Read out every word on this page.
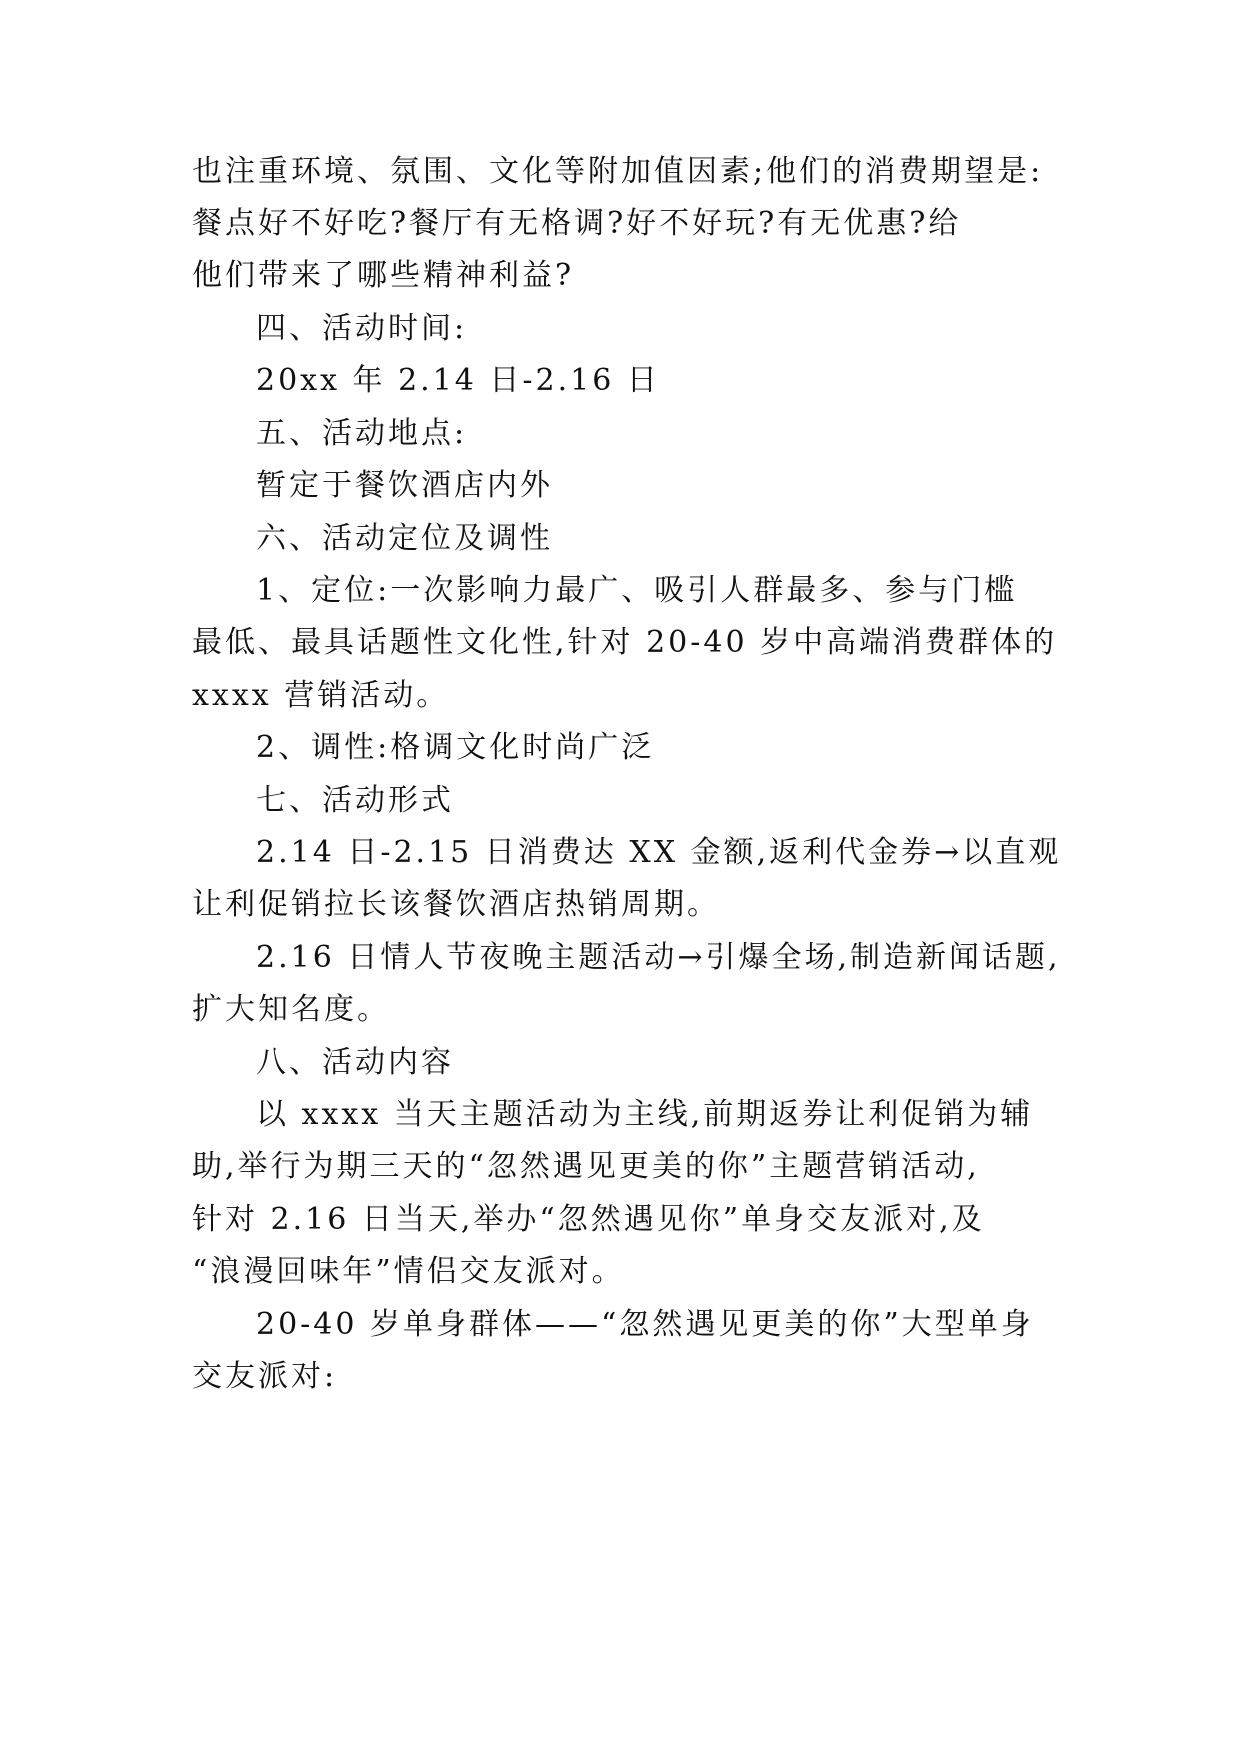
也注重环境、氛围、文化等附加值因素;他们的消费期望是:
餐点好不好吃?餐厅有无格调?好不好玩?有无优惠?给
他们带来了哪些精神利益?
四、活动时间:
20xx 年 2.14 日-2.16 日
五、活动地点:
暂定于餐饮酒店内外
六、活动定位及调性
1、定位:一次影响力最广、吸引人群最多、参与门槛
最低、最具话题性文化性,针对 20-40 岁中高端消费群体的
xxxx 营销活动。
2、调性:格调文化时尚广泛
七、活动形式
2.14 日-2.15 日消费达 XX 金额,返利代金券→以直观
让利促销拉长该餐饮酒店热销周期。
2.16 日情人节夜晚主题活动→引爆全场,制造新闻话题,
扩大知名度。
八、活动内容
以 xxxx 当天主题活动为主线,前期返券让利促销为辅
助,举行为期三天的“忽然遇见更美的你”主题营销活动,
针对 2.16 日当天,举办“忽然遇见你”单身交友派对,及
“浪漫回味年”情侣交友派对。
20-40 岁单身群体——“忽然遇见更美的你”大型单身
交友派对:
